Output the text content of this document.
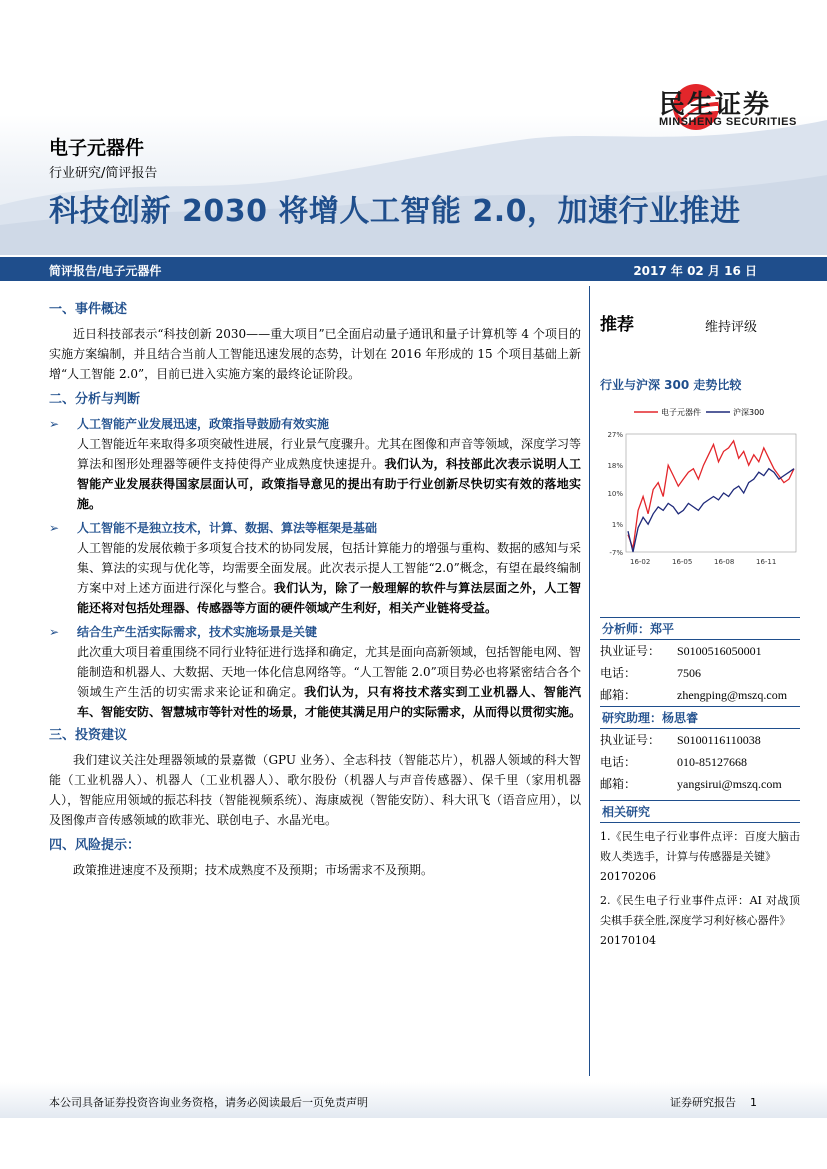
民生证券
MINSHENG SECURITIES
电子元器件
行业研究/简评报告
科技创新 2030 将增人工智能 2.0，加速行业推进
简评报告/电子元器件	2017 年 02 月 16 日
一、事件概述
近日科技部表示“科技创新 2030——重大项目”已全面启动量子通讯和量子计算机等 4 个项目的实施方案编制，并且结合当前人工智能迅速发展的态势，计划在 2016 年形成的 15 个项目基础上新增“人工智能 2.0”，目前已进入实施方案的最终论证阶段。
二、分析与判断
➢ 人工智能产业发展迅速，政策指导鼓励有效实施
人工智能近年来取得多项突破性进展，行业景气度骤升。尤其在图像和声音等领域，深度学习等算法和图形处理器等硬件支持使得产业成熟度快速提升。我们认为，科技部此次表示说明人工智能产业发展获得国家层面认可，政策指导意见的提出有助于行业创新尽快切实有效的落地实施。
➢ 人工智能不是独立技术，计算、数据、算法等框架是基础
人工智能的发展依赖于多项复合技术的协同发展，包括计算能力的增强与重构、数据的感知与采集、算法的实现与优化等，均需要全面发展。此次表示提人工智能“2.0”概念，有望在最终编制方案中对上述方面进行深化与整合。我们认为，除了一般理解的软件与算法层面之外，人工智能还将对包括处理器、传感器等方面的硬件领域产生利好，相关产业链将受益。
➢ 结合生产生活实际需求，技术实施场景是关键
此次重大项目着重围绕不同行业特征进行选择和确定，尤其是面向高新领域，包括智能电网、智能制造和机器人、大数据、天地一体化信息网络等。“人工智能 2.0”项目势必也将紧密结合各个领域生产生活的切实需求来论证和确定。我们认为，只有将技术落实到工业机器人、智能汽车、智能安防、智慧城市等针对性的场景，才能使其满足用户的实际需求，从而得以贯彻实施。
三、投资建议
我们建议关注处理器领域的景嘉微（GPU 业务）、全志科技（智能芯片），机器人领域的科大智能（工业机器人）、机器人（工业机器人）、歌尔股份（机器人与声音传感器）、保千里（家用机器人），智能应用领域的振芯科技（智能视频系统）、海康威视（智能安防）、科大讯飞（语音应用），以及图像声音传感领域的欧菲光、联创电子、水晶光电。
四、风险提示：
政策推进速度不及预期；技术成熟度不及预期；市场需求不及预期。
推荐	维持评级
行业与沪深 300 走势比较
电子元器件	沪深300
27%
18%
10%
1%
-7%
16-02	16-05	16-08	16-11
分析师：郑平
执业证号：	S0100516050001
电话：	7506
邮箱：	zhengping@mszq.com
研究助理：杨思睿
执业证号：	S0100116110038
电话：	010-85127668
邮箱：	yangsirui@mszq.com
相关研究
1.《民生电子行业事件点评：百度大脑击败人类选手，计算与传感器是关键》
20170206
2.《民生电子行业事件点评：AI 对战顶尖棋手获全胜,深度学习利好核心器件》
20170104
本公司具备证券投资咨询业务资格，请务必阅读最后一页免责声明	证券研究报告 1
